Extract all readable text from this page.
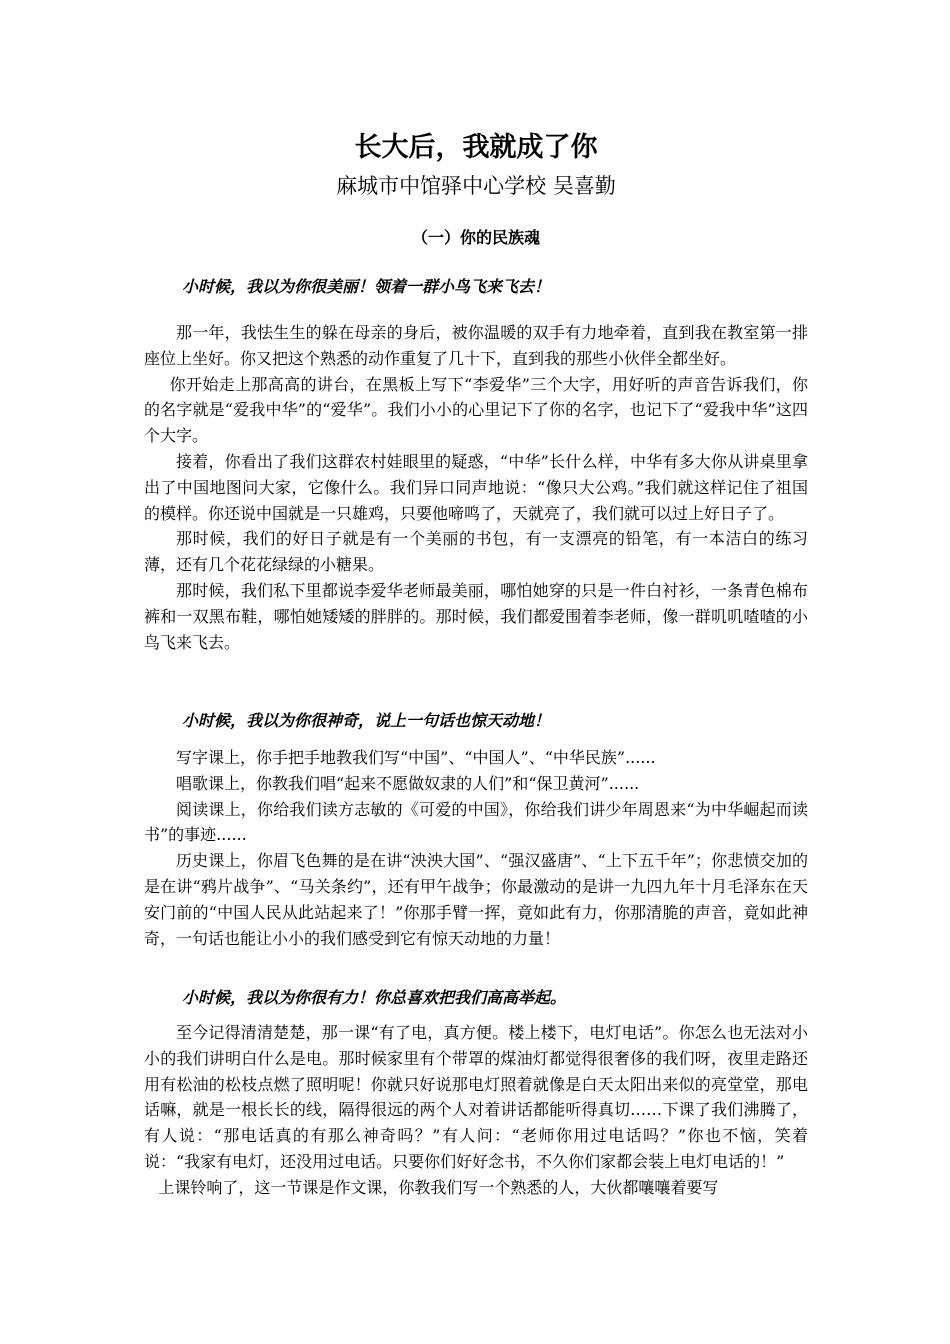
长大后，我就成了你
麻城市中馆驿中心学校 吴喜勤
（一）你的民族魂
小时候，我以为你很美丽！领着一群小鸟飞来飞去！

那一年，我怯生生的躲在母亲的身后，被你温暖的双手有力地牵着，直到我在教室第一排座位上坐好。你又把这个熟悉的动作重复了几十下，直到我的那些小伙伴全都坐好。

你开始走上那高高的讲台，在黑板上写下“李爱华”三个大字，用好听的声音告诉我们，你的名字就是“爱我中华”的“爱华”。我们小小的心里记下了你的名字，也记下了“爱我中华”这四个大字。

接着，你看出了我们这群农村娃眼里的疑惑，“中华”长什么样，中华有多大你从讲桌里拿出了中国地图问大家，它像什么。我们异口同声地说：“像只大公鸡。”我们就这样记住了祖国的模样。你还说中国就是一只雄鸡，只要他啼鸣了，天就亮了，我们就可以过上好日子了。

那时候，我们的好日子就是有一个美丽的书包，有一支漂亮的铅笔，有一本洁白的练习薄，还有几个花花绿绿的小糖果。

那时候，我们私下里都说李爱华老师最美丽，哪怕她穿的只是一件白衬衫，一条青色棉布裤和一双黑布鞋，哪怕她矮矮的胖胖的。那时候，我们都爱围着李老师，像一群叽叽喳喳的小鸟飞来飞去。

小时候，我以为你很神奇，说上一句话也惊天动地！

写字课上，你手把手地教我们写“中国”、“中国人”、“中华民族”......

唱歌课上，你教我们唱“起来不愿做奴隶的人们”和“保卫黄河”......

阅读课上，你给我们读方志敏的《可爱的中国》，你给我们讲少年周恩来“为中华崛起而读书”的事迹......

历史课上，你眉飞色舞的是在讲“泱泱大国”、“强汉盛唐”、“上下五千年”；你悲愤交加的是在讲“鸦片战争”、“马关条约”，还有甲午战争；你最激动的是讲一九四九年十月毛泽东在天安门前的“中国人民从此站起来了！”你那手臂一挥，竟如此有力，你那清脆的声音，竟如此神奇，一句话也能让小小的我们感受到它有惊天动地的力量！

小时候，我以为你很有力！你总喜欢把我们高高举起。

至今记得清清楚楚，那一课“有了电，真方便。楼上楼下，电灯电话”。你怎么也无法对小小的我们讲明白什么是电。那时候家里有个带罩的煤油灯都觉得很奢侈的我们呀，夜里走路还用有松油的松枝点燃了照明呢！你就只好说那电灯照着就像是白天太阳出来似的亮堂堂，那电话嘛，就是一根长长的线，隔得很远的两个人对着讲话都能听得真切……下课了我们沸腾了，有人说：“那电话真的有那么神奇吗？”有人问：“老师你用过电话吗？”你也不恼，笑着说：“我家有电灯，还没用过电话。只要你们好好念书，不久你们家都会装上电灯电话的！”

上课铃响了，这一节课是作文课，你教我们写一个熟悉的人，大伙都嚷嚷着要写
